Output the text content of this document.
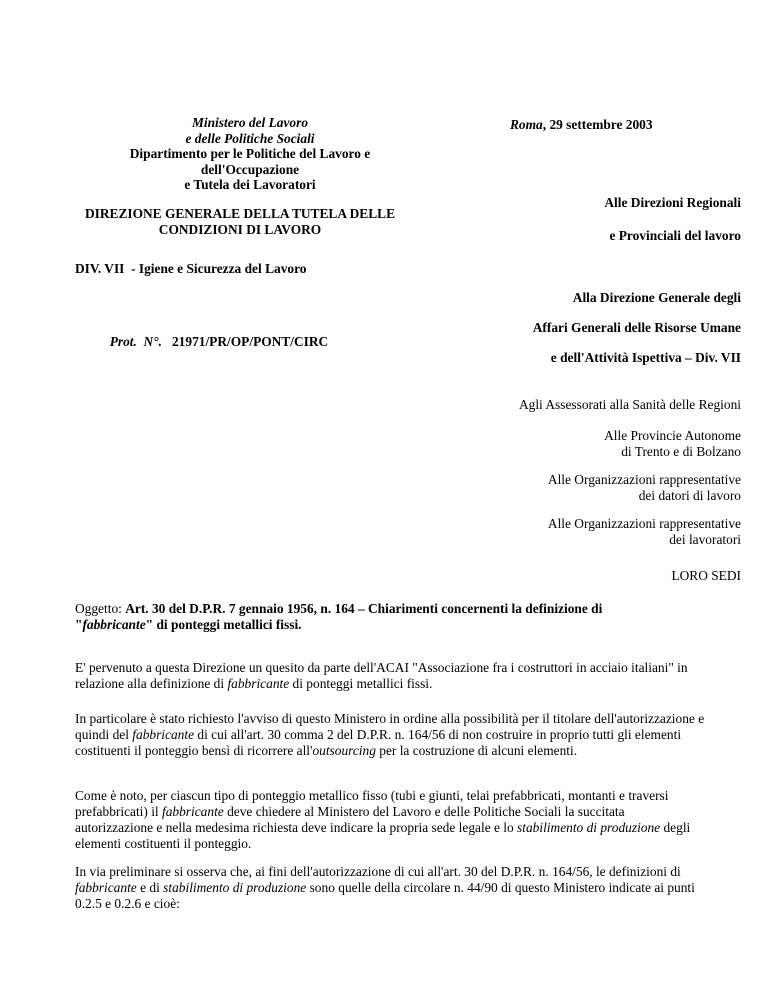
Ministero del Lavoro
e delle Politiche Sociali
Dipartimento per le Politiche del Lavoro e
dell'Occupazione
e Tutela dei Lavoratori
DIREZIONE GENERALE DELLA TUTELA DELLE
CONDIZIONI DI LAVORO
DIV. VII  - Igiene e Sicurezza del Lavoro

Prot.  N°. 21971/PR/OP/PONT/CIRC

Roma, 29 settembre 2003
Alle Direzioni Regionali
e Provinciali del lavoro
Alla Direzione Generale degli
Affari Generali delle Risorse Umane
e dell'Attività Ispettiva – Div. VII
Agli Assessorati alla Sanità delle Regioni
Alle Provincie Autonome
di Trento e di Bolzano
Alle Organizzazioni rappresentative
dei datori di lavoro
Alle Organizzazioni rappresentative
dei lavoratori
LORO SEDI
Oggetto: Art. 30 del D.P.R. 7 gennaio 1956, n. 164 – Chiarimenti concernenti la definizione di
"fabbricante" di ponteggi metallici fissi.
E' pervenuto a questa Direzione un quesito da parte dell'ACAI "Associazione fra i costruttori in acciaio italiani" in relazione alla definizione di fabbricante di ponteggi metallici fissi.
In particolare è stato richiesto l'avviso di questo Ministero in ordine alla possibilità per il titolare dell'autorizzazione e quindi del fabbricante di cui all'art. 30 comma 2 del D.P.R. n. 164/56 di non costruire in proprio tutti gli elementi costituenti il ponteggio bensì di ricorrere all'outsourcing per la costruzione di alcuni elementi.
Come è noto, per ciascun tipo di ponteggio metallico fisso (tubi e giunti, telai prefabbricati, montanti e traversi prefabbricati) il fabbricante deve chiedere al Ministero del Lavoro e delle Politiche Sociali la succitata autorizzazione e nella medesima richiesta deve indicare la propria sede legale e lo stabilimento di produzione degli elementi costituenti il ponteggio.
In via preliminare si osserva che, ai fini dell'autorizzazione di cui all'art. 30 del D.P.R. n. 164/56, le definizioni di fabbricante e di stabilimento di produzione sono quelle della circolare n. 44/90 di questo Ministero indicate ai punti 0.2.5 e 0.2.6 e cioè:
